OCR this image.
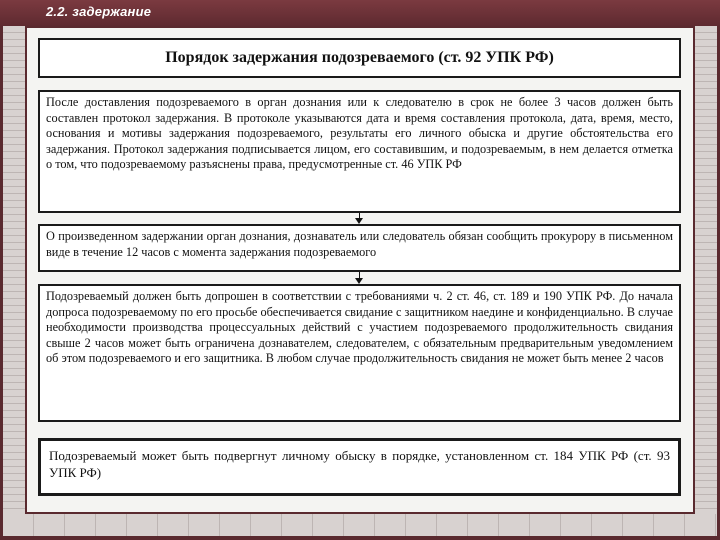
2.2. задержание
Порядок задержания подозреваемого (ст. 92 УПК РФ)
После доставления подозреваемого в орган дознания или к следователю в срок не более 3 часов должен быть составлен протокол задержания. В протоколе указываются дата и время составления протокола, дата, время, место, основания и мотивы задержания подозреваемого, результаты его личного обыска и другие обстоятельства его задержания. Протокол задержания подписывается лицом, его составившим, и подозреваемым, в нем делается отметка о том, что подозреваемому разъяснены права, предусмотренные ст. 46 УПК РФ
О произведенном задержании орган дознания, дознаватель или следователь обязан сообщить прокурору в письменном виде в течение 12 часов с момента задержания подозреваемого
Подозреваемый должен быть допрошен в соответствии с требованиями ч. 2 ст. 46, ст. 189 и 190 УПК РФ. До начала допроса подозреваемому по его просьбе обеспечивается свидание с защитником наедине и конфиденциально. В случае необходимости производства процессуальных действий с участием подозреваемого продолжительность свидания свыше 2 часов может быть ограничена дознавателем, следователем, с обязательным предварительным уведомлением об этом подозреваемого и его защитника. В любом случае продолжительность свидания не может быть менее 2 часов
Подозреваемый может быть подвергнут личному обыску в порядке, установленном ст. 184 УПК РФ (ст. 93 УПК РФ)
